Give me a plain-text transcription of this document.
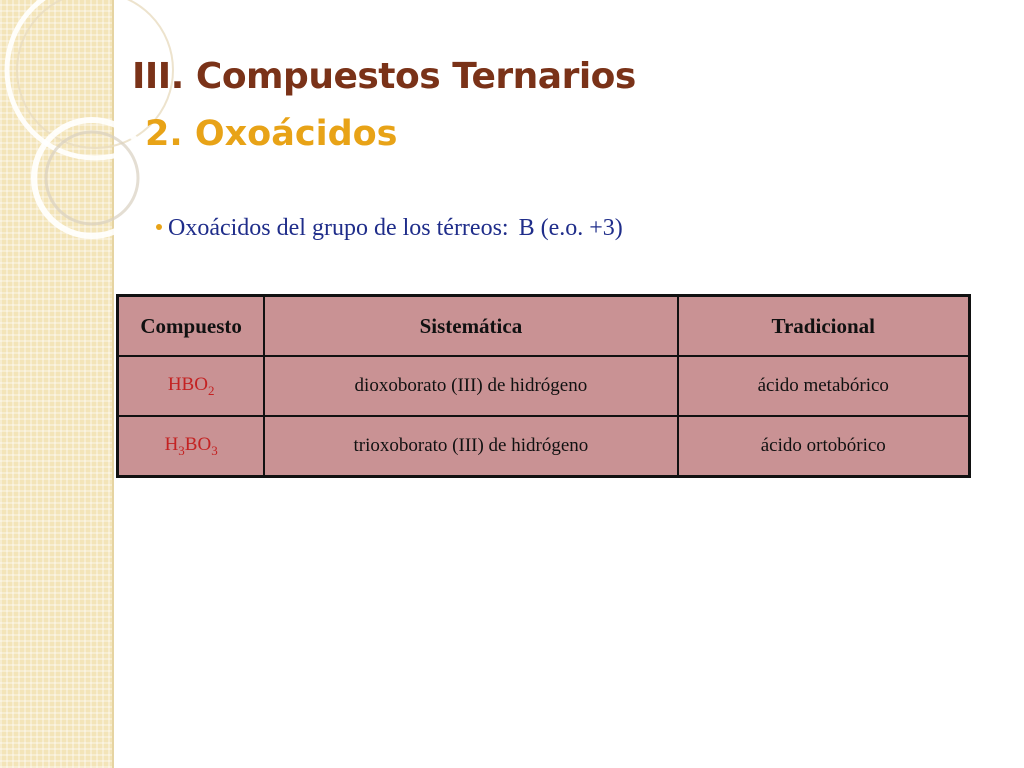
III. Compuestos Ternarios
2. Oxoácidos
Oxoácidos del grupo de los térreos: B (e.o. +3)
Compuesto	Sistemática	Tradicional
$HBO_2$	dioxoborato (III) de hidrógeno	ácido metabórico
$H_3BO_3$	trioxoborato (III) de hidrógeno	ácido ortobórico
